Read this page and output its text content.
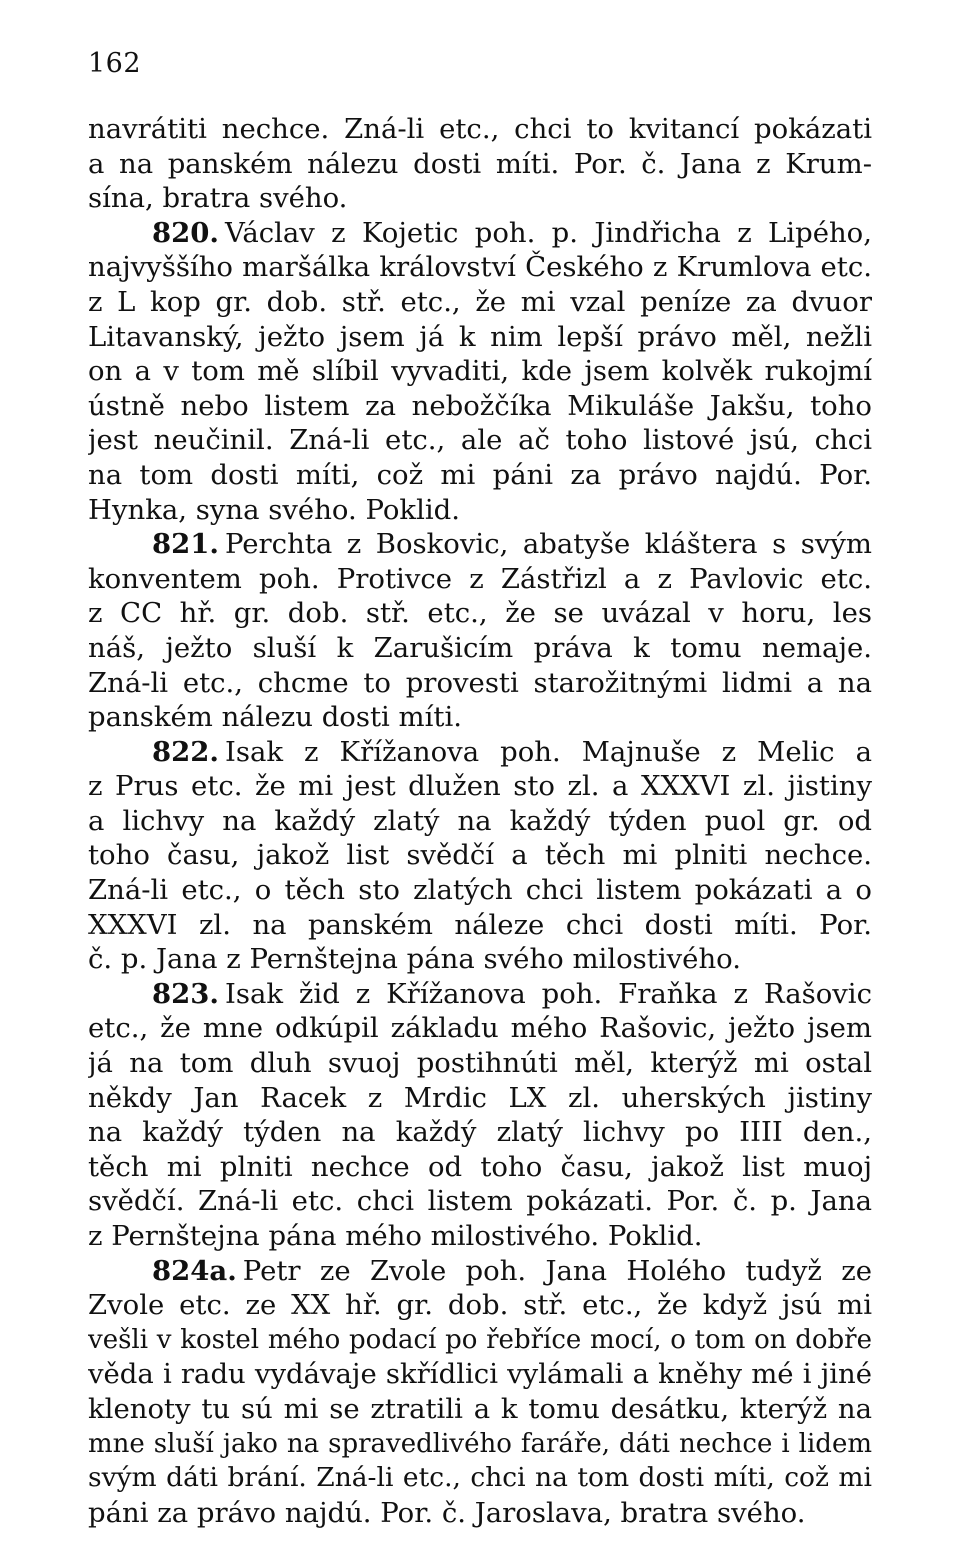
162
navrátiti nechce. Zná-li etc., chci to kvitancí pokázati
a na panském nálezu dosti míti. Por. č. Jana z Krum-
sína, bratra svého.
820. Václav z Kojetic poh. p. Jindřicha z Lipého,
najvyššího maršálka království Českého z Krumlova etc.
z L kop gr. dob. stř. etc., že mi vzal peníze za dvuor
Litavanský, ježto jsem já k nim lepší právo měl, nežli
on a v tom mě slíbil vyvaditi, kde jsem kolvěk rukojmí
ústně nebo listem za nebožčíka Mikuláše Jakšu, toho
jest neučinil. Zná-li etc., ale ač toho listové jsú, chci
na tom dosti míti, což mi páni za právo najdú. Por.
Hynka, syna svého. Poklid.
821. Perchta z Boskovic, abatyše kláštera s svým
konventem poh. Protivce z Zástřizl a z Pavlovic etc.
z CC hř. gr. dob. stř. etc., že se uvázal v horu, les
náš, ježto sluší k Zarušicím práva k tomu nemaje.
Zná-li etc., chcme to provesti starožitnými lidmi a na
panském nálezu dosti míti.
822. Isak z Křížanova poh. Majnuše z Melic a
z Prus etc. že mi jest dlužen sto zl. a XXXVI zl. jistiny
a lichvy na každý zlatý na každý týden puol gr. od
toho času, jakož list svědčí a těch mi plniti nechce.
Zná-li etc., o těch sto zlatých chci listem pokázati a o
XXXVI zl. na panském náleze chci dosti míti. Por.
č. p. Jana z Pernštejna pána svého milostivého.
823. Isak žid z Křížanova poh. Fraňka z Rašovic
etc., že mne odkúpil základu mého Rašovic, ježto jsem
já na tom dluh svuoj postihnúti měl, kterýž mi ostal
někdy Jan Racek z Mrdic LX zl. uherských jistiny
na každý týden na každý zlatý lichvy po IIII den.,
těch mi plniti nechce od toho času, jakož list muoj
svědčí. Zná-li etc. chci listem pokázati. Por. č. p. Jana
z Pernštejna pána mého milostivého. Poklid.
824a. Petr ze Zvole poh. Jana Holého tudyž ze
Zvole etc. ze XX hř. gr. dob. stř. etc., že když jsú mi
vešli v kostel mého podací po řebříce mocí, o tom on dobře
věda i radu vydávaje skřídlici vylámali a kněhy mé i jiné
klenoty tu sú mi se ztratili a k tomu desátku, kterýž na
mne sluší jako na spravedlivého faráře, dáti nechce i lidem
svým dáti brání. Zná-li etc., chci na tom dosti míti, což mi
páni za právo najdú. Por. č. Jaroslava, bratra svého.
